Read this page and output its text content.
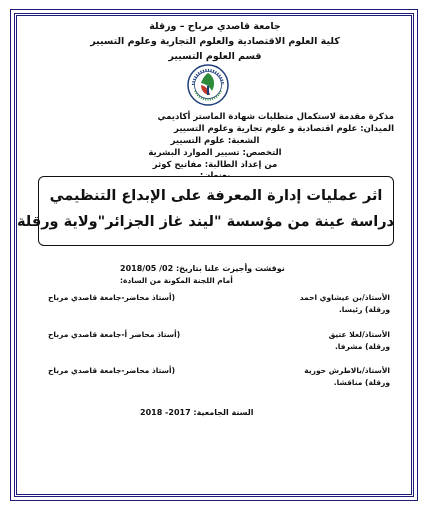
جامعة قاصدي مرباح – ورقلة
كلية العلوم الاقتصادية والعلوم التجارية وعلوم التسيير
قسم العلوم التسيير
مذكرة مقدمة لاستكمال متطلبات شهادة الماستر أكاديمي
الميدان: علوم اقتصادية و علوم تجارية وعلوم التسيير
الشعبة: علوم التسيير
التخصص: تسيير الموارد البشرية
من إعداد الطالبة: مفاتيح كوثر
اثر عمليات إدارة المعرفة على الإبداع التنظيمي
دراسة عينة من مؤسسة "ليند غاز الجزائر"ولاية ورقلة
نوقشت وأجيزت علنا بتاريخ: 02/ 2018/05
أمام اللجنة المكونة من السادة:
الأستاذ/بن عيشاوي احمد
ورقلة) رئيسا.
(أستاذ محاضر-جامعة قاصدي مرباح
الأستاذ/لعلا عتيق
ورقلة) مشرفا.
(أستاذ محاضر أ-جامعة قاصدي مرباح
الأستاذ/بالاطرش حورية
ورقلة) مناقشا.
(أستاذ محاضر-جامعة قاصدي مرباح
السنة الجامعية: 2017- 2018
